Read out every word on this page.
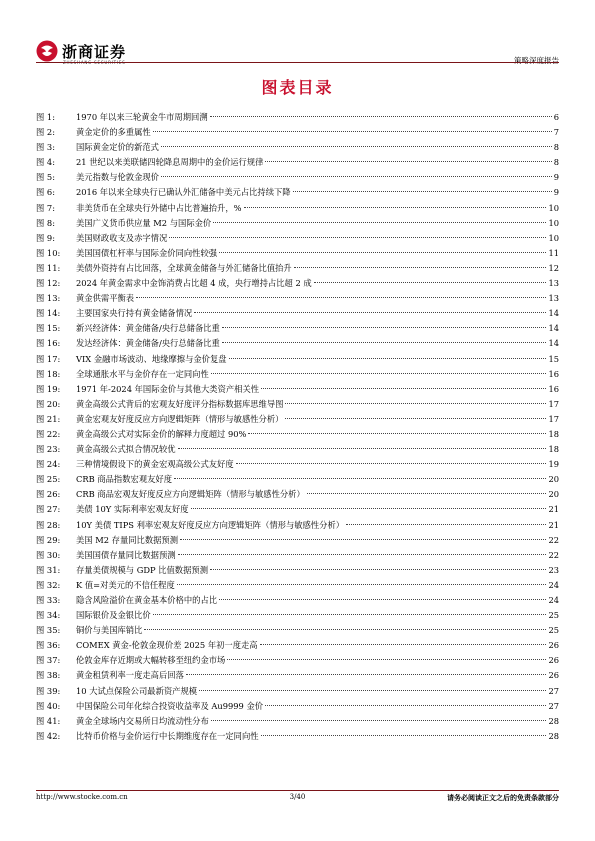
浙商证券
ZHESHANG SECURITIES	策略深度报告
图表目录
图 1:	1970 年以来三轮黄金牛市周期回溯	6
图 2:	黄金定价的多重属性	7
图 3:	国际黄金定价的新范式	8
图 4:	21 世纪以来美联储四轮降息周期中的金价运行规律	8
图 5:	美元指数与伦敦金现价	9
图 6:	2016 年以来全球央行已确认外汇储备中美元占比持续下降	9
图 7:	非美货币在全球央行外储中占比普遍抬升，%	10
图 8:	美国广义货币供应量 M2 与国际金价	10
图 9:	美国财政收支及赤字情况	10
图 10:	美国国债杠杆率与国际金价同向性较强	11
图 11:	美债外资持有占比回落，全球黄金储备与外汇储备比值抬升	12
图 12:	2024 年黄金需求中金饰消费占比超 4 成，央行增持占比超 2 成	13
图 13:	黄金供需平衡表	13
图 14:	主要国家央行持有黄金储备情况	14
图 15:	新兴经济体：黄金储备/央行总储备比重	14
图 16:	发达经济体：黄金储备/央行总储备比重	14
图 17:	VIX 金融市场波动、地缘摩擦与金价复盘	15
图 18:	全球通胀水平与金价存在一定同向性	16
图 19:	1971 年-2024 年国际金价与其他大类资产相关性	16
图 20:	黄金高级公式背后的宏观友好度评分指标数据库思维导图	17
图 21:	黄金宏观友好度反应方向逻辑矩阵（情形与敏感性分析）	17
图 22:	黄金高级公式对实际金价的解释力度超过 90%	18
图 23:	黄金高级公式拟合情况较优	18
图 24:	三种情境假设下的黄金宏观高级公式友好度	19
图 25:	CRB 商品指数宏观友好度	20
图 26:	CRB 商品宏观友好度反应方向逻辑矩阵（情形与敏感性分析）	20
图 27:	美债 10Y 实际利率宏观友好度	21
图 28:	10Y 美债 TIPS 利率宏观友好度反应方向逻辑矩阵（情形与敏感性分析）	21
图 29:	美国 M2 存量同比数据预测	22
图 30:	美国国债存量同比数据预测	22
图 31:	存量美债规模与 GDP 比值数据预测	23
图 32:	K 值=对美元的不信任程度	24
图 33:	隐含风险溢价在黄金基本价格中的占比	24
图 34:	国际银价及金银比价	25
图 35:	铜价与美国库销比	25
图 36:	COMEX 黄金-伦敦金现价差 2025 年初一度走高	26
图 37:	伦敦金库存近期或大幅转移至纽约金市场	26
图 38:	黄金租赁利率一度走高后回落	26
图 39:	10 大试点保险公司最新资产规模	27
图 40:	中国保险公司年化综合投资收益率及 Au9999 金价	27
图 41:	黄金全球场内交易所日均流动性分布	28
图 42:	比特币价格与金价运行中长期维度存在一定同向性	28
http://www.stocke.com.cn	3/40	请务必阅读正文之后的免责条款部分
